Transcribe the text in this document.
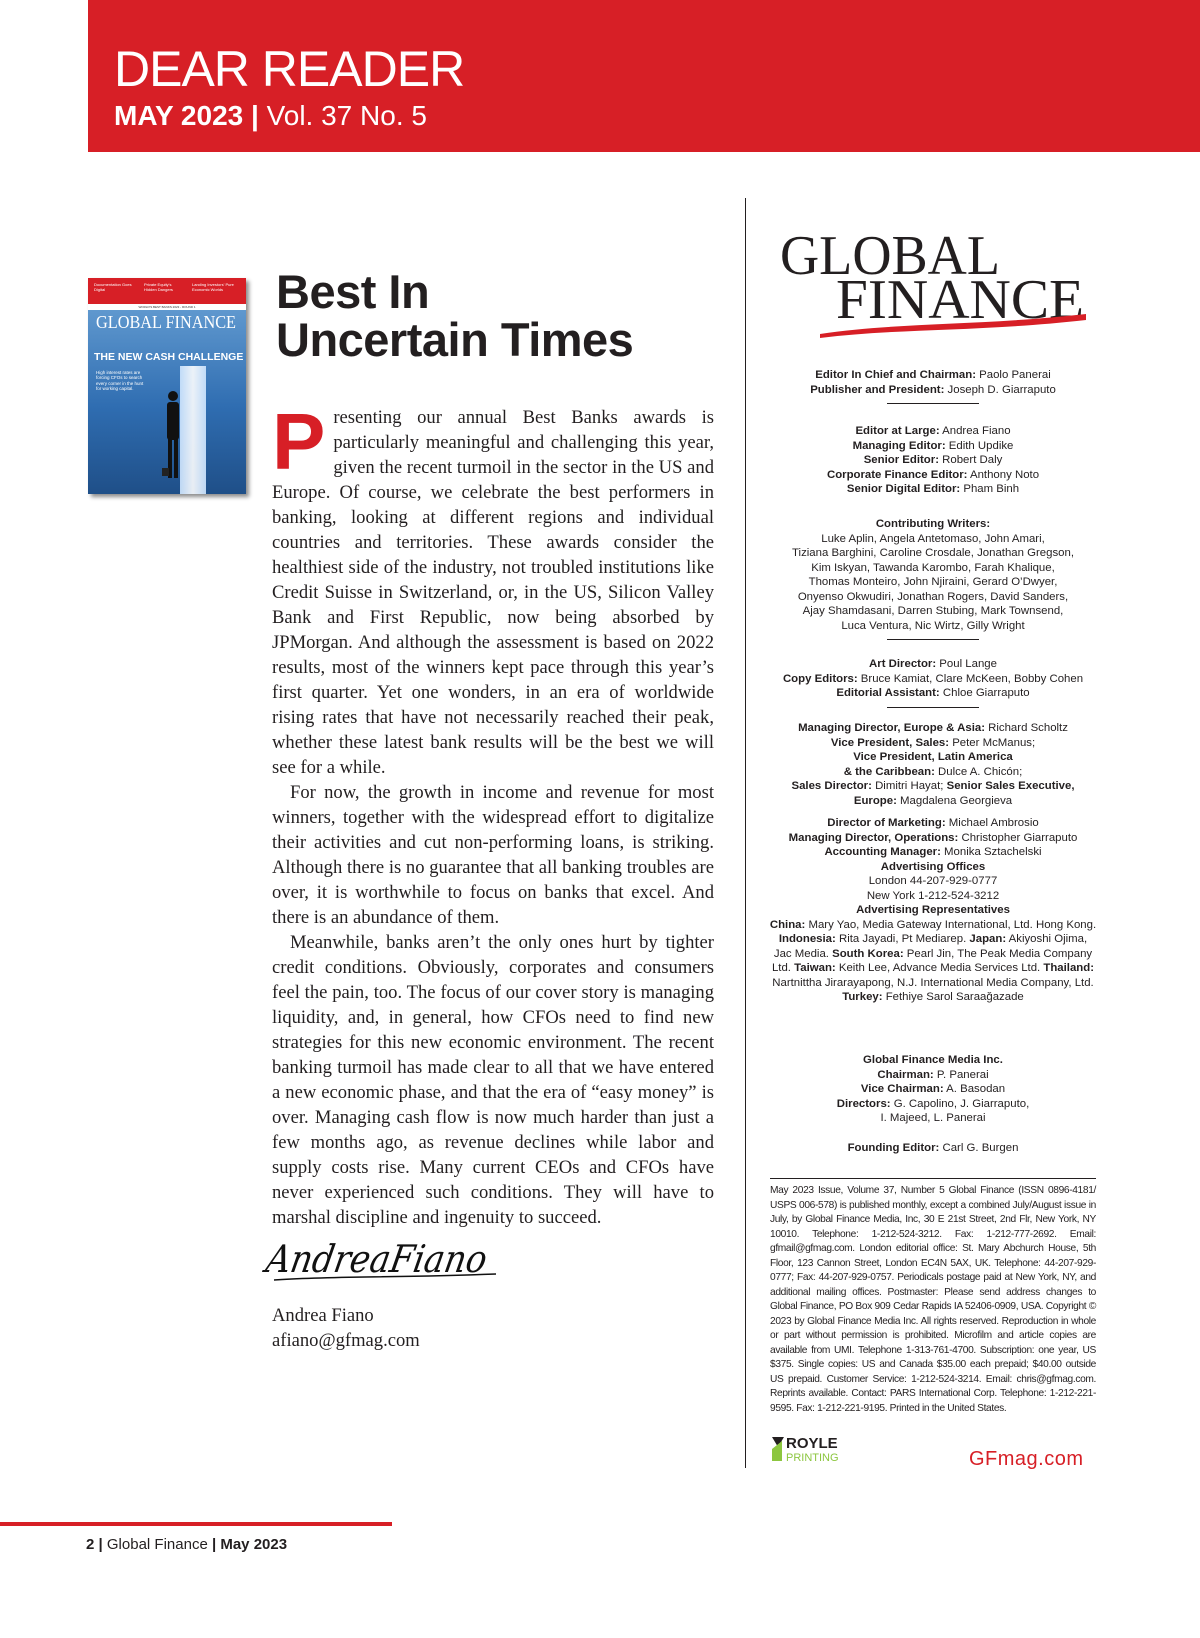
DEAR READER
MAY 2023 | Vol. 37 No. 5
Documentation Goes Digital
Private Equity's Hidden Dangers
Landing Investors' Pure Economic Worlds
WORLD'S BEST BANKS 2023 - ROUND 1
GLOBAL FINANCE
THE NEW CASH CHALLENGE
High interest rates are forcing CFOs to search every corner in the hunt for working capital.
Best In
Uncertain Times

Presenting our annual Best Banks awards is particularly meaningful and challenging this year, given the recent turmoil in the sector in the US and Europe. Of course, we celebrate the best performers in banking, looking at different regions and individual countries and territories. These awards consider the healthiest side of the industry, not troubled institutions like Credit Suisse in Switzerland, or, in the US, Silicon Valley Bank and First Republic, now being absorbed by JPMorgan. And although the assessment is based on 2022 results, most of the winners kept pace through this year’s first quarter. Yet one wonders, in an era of worldwide rising rates that have not necessarily reached their peak, whether these latest bank results will be the best we will see for a while.

For now, the growth in income and revenue for most winners, together with the widespread effort to digitalize their activities and cut non-performing loans, is striking. Although there is no guarantee that all banking troubles are over, it is worthwhile to focus on banks that excel. And there is an abundance of them.

Meanwhile, banks aren’t the only ones hurt by tighter credit conditions. Obviously, corporates and consumers feel the pain, too. The focus of our cover story is managing liquidity, and, in general, how CFOs need to find new strategies for this new economic environment. The recent banking turmoil has made clear to all that we have entered a new economic phase, and that the era of “easy money” is over. Managing cash flow is now much harder than just a few months ago, as revenue declines while labor and supply costs rise. Many current CEOs and CFOs have never experienced such conditions. They will have to marshal discipline and ingenuity to succeed.

AndreaFiano
Andrea Fiano
afiano@gfmag.com
GLOBAL
FINANCE
Editor In Chief and Chairman: Paolo Panerai
Publisher and President: Joseph D. Giarraputo
Editor at Large: Andrea Fiano
Managing Editor: Edith Updike
Senior Editor: Robert Daly
Corporate Finance Editor: Anthony Noto
Senior Digital Editor: Pham Binh
Contributing Writers:
Luke Aplin, Angela Antetomaso, John Amari,
Tiziana Barghini, Caroline Crosdale, Jonathan Gregson,
Kim Iskyan, Tawanda Karombo, Farah Khalique,
Thomas Monteiro, John Njiraini, Gerard O’Dwyer,
Onyenso Okwudiri, Jonathan Rogers, David Sanders,
Ajay Shamdasani, Darren Stubing, Mark Townsend,
Luca Ventura, Nic Wirtz, Gilly Wright
Art Director: Poul Lange
Copy Editors: Bruce Kamiat, Clare McKeen, Bobby Cohen
Editorial Assistant: Chloe Giarraputo
Managing Director, Europe & Asia: Richard Scholtz
Vice President, Sales: Peter McManus;
Vice President, Latin America
& the Caribbean: Dulce A. Chicón;
Sales Director: Dimitri Hayat; Senior Sales Executive,
Europe: Magdalena Georgieva
Director of Marketing: Michael Ambrosio
Managing Director, Operations: Christopher Giarraputo
Accounting Manager: Monika Sztachelski
Advertising Offices
London 44-207-929-0777
New York 1-212-524-3212
Advertising Representatives
China: Mary Yao, Media Gateway International, Ltd. Hong Kong. Indonesia: Rita Jayadi, Pt Mediarep. Japan: Akiyoshi Ojima, Jac Media. South Korea: Pearl Jin, The Peak Media Company Ltd. Taiwan: Keith Lee, Advance Media Services Ltd. Thailand: Nartnittha Jirarayapong, N.J. International Media Company, Ltd.
Turkey: Fethiye Sarol Saraağazade
Global Finance Media Inc.
Chairman: P. Panerai
Vice Chairman: A. Basodan
Directors: G. Capolino, J. Giarraputo,
I. Majeed, L. Panerai
Founding Editor: Carl G. Burgen
May 2023 Issue, Volume 37, Number 5 Global Finance (ISSN 0896-4181/ USPS 006-578) is published monthly, except a combined July/August issue in July, by Global Finance Media, Inc, 30 E 21st Street, 2nd Flr, New York, NY 10010. Telephone: 1-212-524-3212. Fax: 1-212-777-2692. Email: gfmail@gfmag.com. London editorial office: St. Mary Abchurch House, 5th Floor, 123 Cannon Street, London EC4N 5AX, UK. Telephone: 44-207-929-0777; Fax: 44-207-929-0757. Periodicals postage paid at New York, NY, and additional mailing offices. Postmaster: Please send address changes to Global Finance, PO Box 909 Cedar Rapids IA 52406-0909, USA. Copyright © 2023 by Global Finance Media Inc. All rights reserved. Reproduction in whole or part without permission is prohibited. Microfilm and article copies are available from UMI. Telephone 1-313-761-4700. Subscription: one year, US $375. Single copies: US and Canada $35.00 each prepaid; $40.00 outside US prepaid. Customer Service: 1-212-524-3214. Email: chris@gfmag.com. Reprints available. Contact: PARS International Corp. Telephone: 1-212-221-9595. Fax: 1-212-221-9195. Printed in the United States.
ROYLE
PRINTING	GFmag.com
2 | Global Finance | May 2023
